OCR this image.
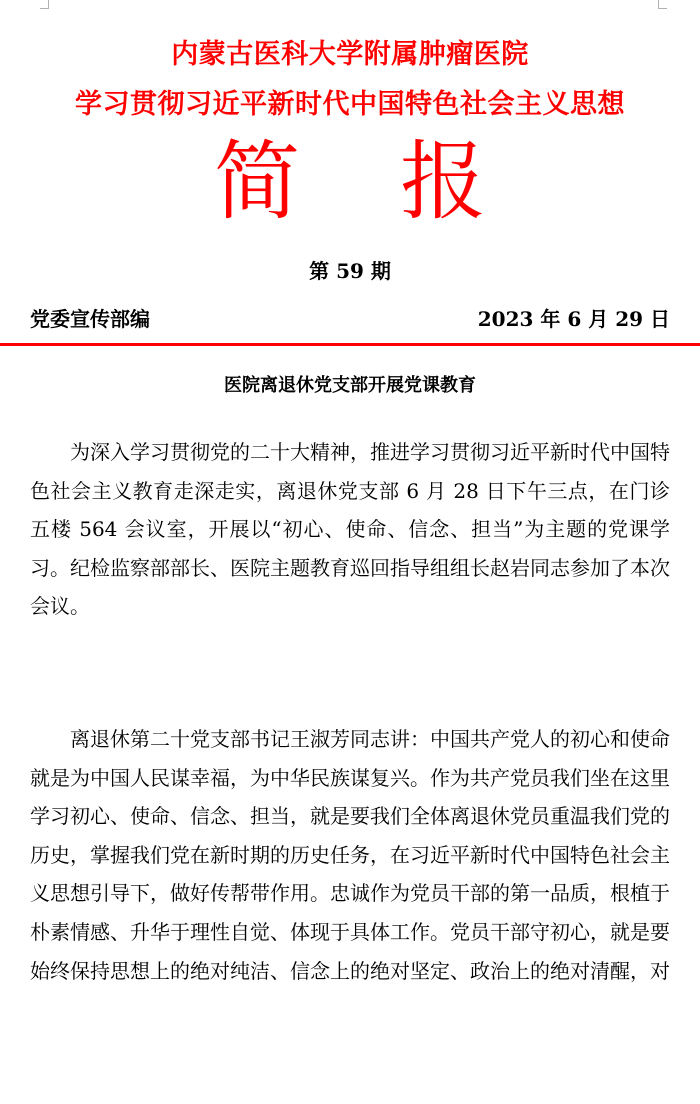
内蒙古医科大学附属肿瘤医院
学习贯彻习近平新时代中国特色社会主义思想
简报
第 59 期
党委宣传部编	2023 年 6 月 29 日
医院离退休党支部开展党课教育

为深入学习贯彻党的二十大精神，推进学习贯彻习近平新时代中国特色社会主义教育走深走实，离退休党支部 6 月 28 日下午三点，在门诊五楼 564 会议室，开展以“初心、使命、信念、担当”为主题的党课学习。纪检监察部部长、医院主题教育巡回指导组组长赵岩同志参加了本次会议。

离退休第二十党支部书记王淑芳同志讲：中国共产党人的初心和使命就是为中国人民谋幸福，为中华民族谋复兴。作为共产党员我们坐在这里学习初心、使命、信念、担当，就是要我们全体离退休党员重温我们党的历史，掌握我们党在新时期的历史任务，在习近平新时代中国特色社会主义思想引导下，做好传帮带作用。忠诚作为党员干部的第一品质，根植于朴素情感、升华于理性自觉、体现于具体工作。党员干部守初心，就是要始终保持思想上的绝对纯洁、信念上的绝对坚定、政治上的绝对清醒，对
